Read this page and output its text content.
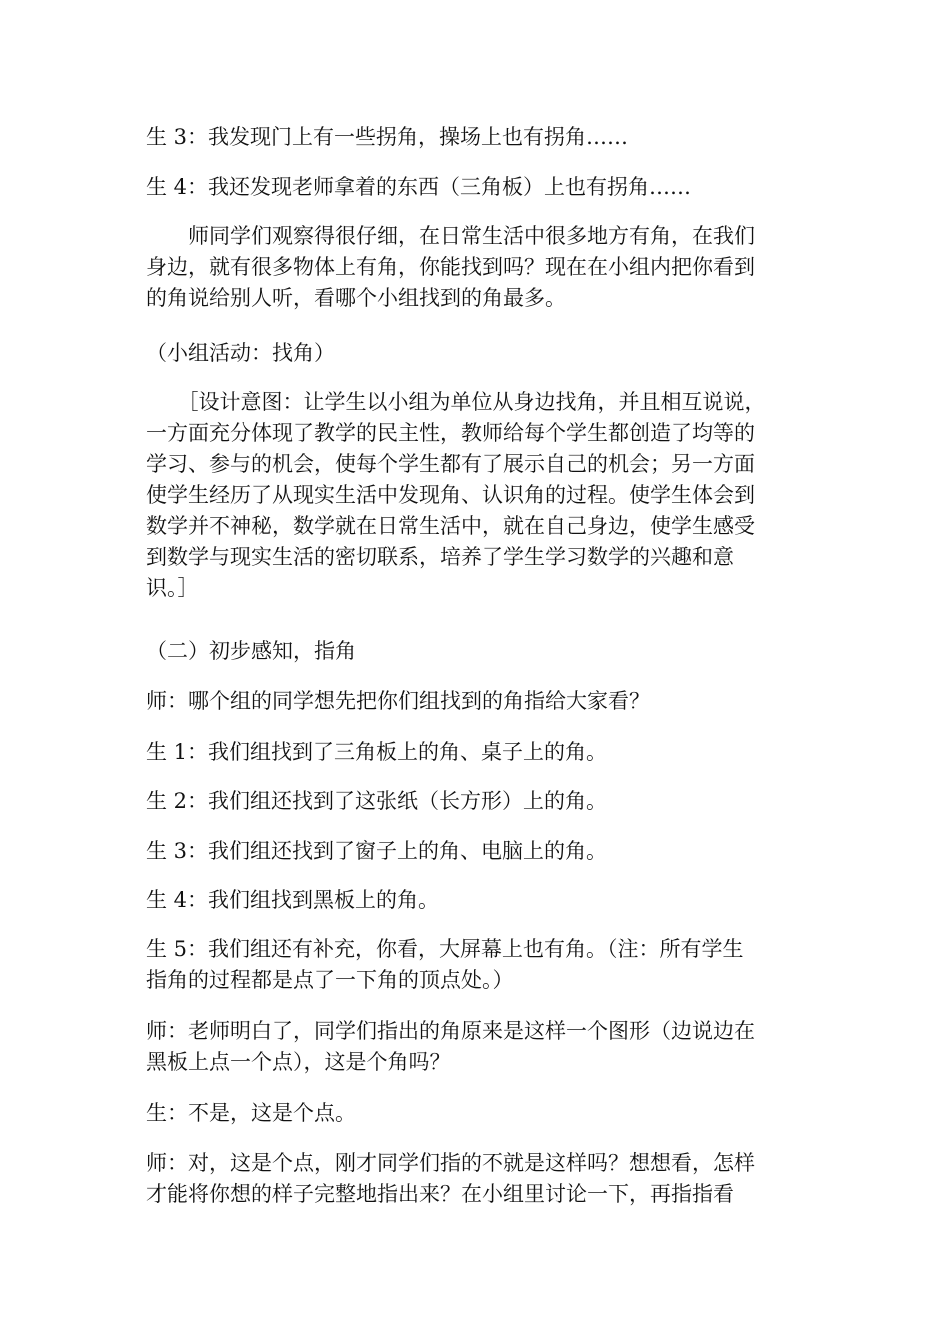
生 3：我发现门上有一些拐角，操场上也有拐角……

生 4：我还发现老师拿着的东西（三角板）上也有拐角……

　　师同学们观察得很仔细，在日常生活中很多地方有角，在我们
身边，就有很多物体上有角，你能找到吗？现在在小组内把你看到
的角说给别人听，看哪个小组找到的角最多。

（小组活动：找角）

　　［设计意图：让学生以小组为单位从身边找角，并且相互说说，
一方面充分体现了教学的民主性，教师给每个学生都创造了均等的
学习、参与的机会，使每个学生都有了展示自己的机会；另一方面
使学生经历了从现实生活中发现角、认识角的过程。使学生体会到
数学并不神秘，数学就在日常生活中，就在自己身边，使学生感受
到数学与现实生活的密切联系，培养了学生学习数学的兴趣和意
识。］

（二）初步感知，指角

师：哪个组的同学想先把你们组找到的角指给大家看？

生 1：我们组找到了三角板上的角、桌子上的角。

生 2：我们组还找到了这张纸（长方形）上的角。

生 3：我们组还找到了窗子上的角、电脑上的角。

生 4：我们组找到黑板上的角。

生 5：我们组还有补充，你看，大屏幕上也有角。（注：所有学生
指角的过程都是点了一下角的顶点处。）

师：老师明白了，同学们指出的角原来是这样一个图形（边说边在
黑板上点一个点），这是个角吗？

生：不是，这是个点。

师：对，这是个点，刚才同学们指的不就是这样吗？想想看，怎样
才能将你想的样子完整地指出来？在小组里讨论一下，再指指看
